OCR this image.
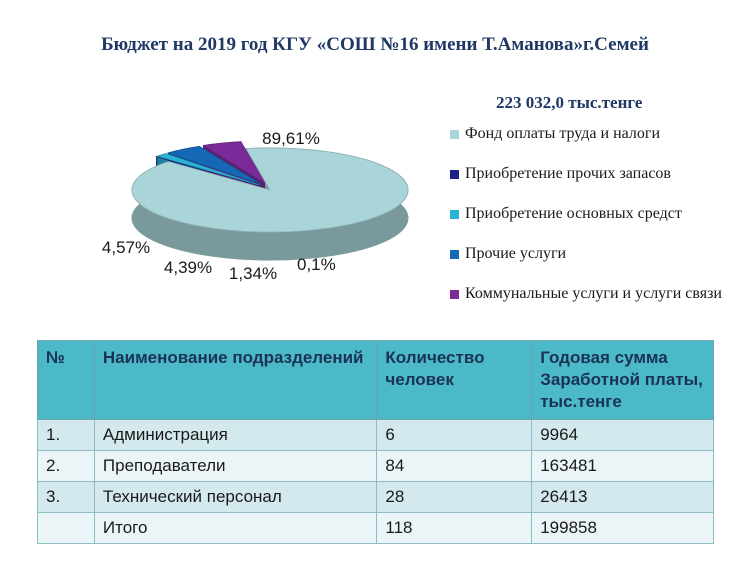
Бюджет на 2019 год КГУ «СОШ №16 имени Т.Аманова»г.Семей
223 032,0 тыс.тенге
89,61%
0,1%
1,34%
4,39%
4,57%
Фонд оплаты труда и налоги
Приобретение прочих запасов
Приобретение основных средст
Прочие услуги
Коммунальные услуги и услуги связи
№	Наименование подразделений	Количество человек	Годовая сумма Заработной платы, тыс.тенге
1.	Администрация	6	9964
2.	Преподаватели	84	163481
3.	Технический персонал	28	26413
	Итого	118	199858
